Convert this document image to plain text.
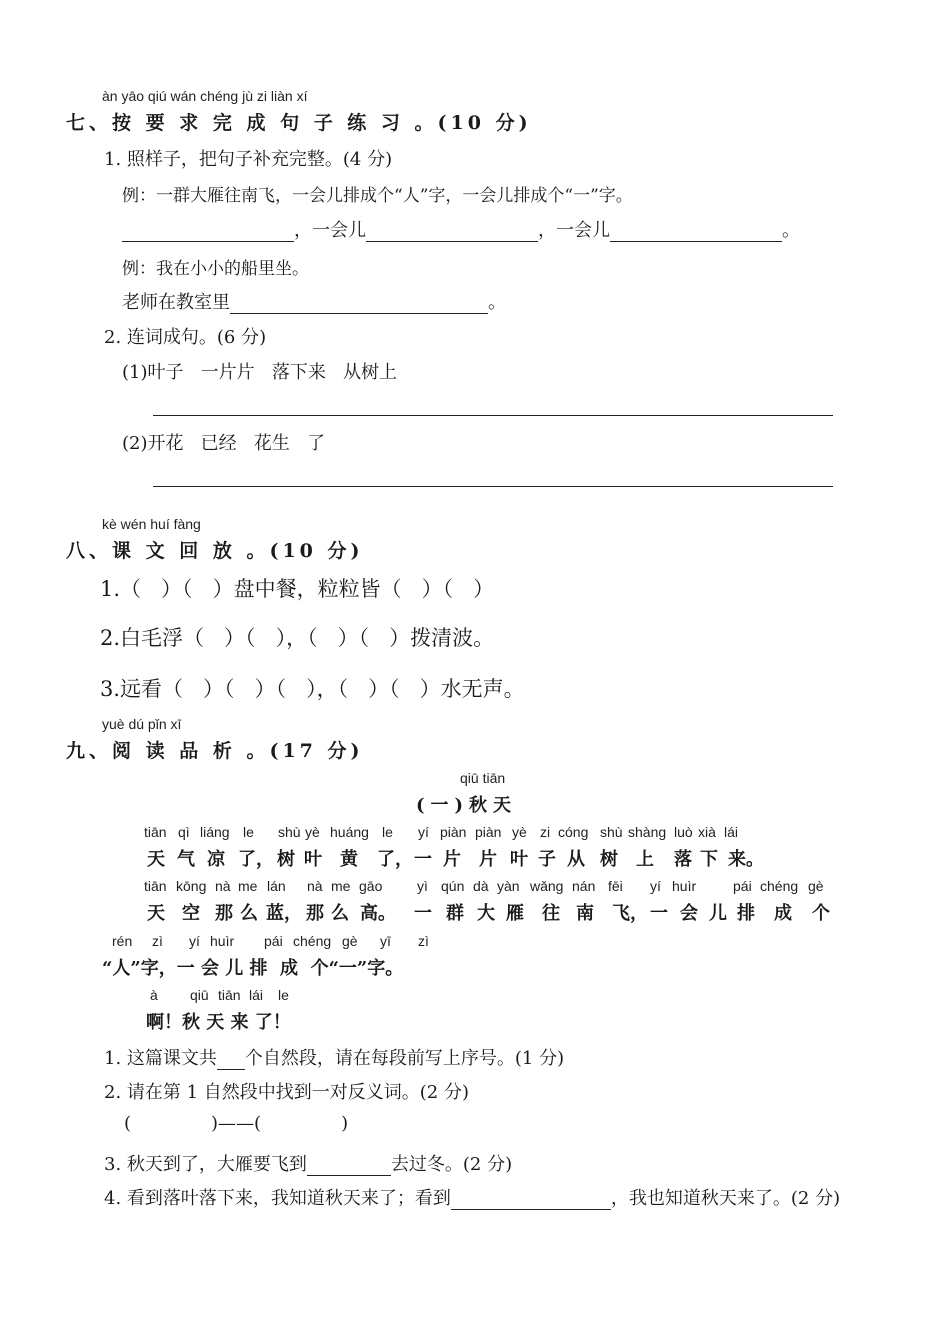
àn yāo qiú wán chéng jù zi liàn xí
七、按 要 求 完 成 句 子 练 习 。(10 分)
1. 照样子，把句子补充完整。(4 分)
例：一群大雁往南飞，一会儿排成个“人”字，一会儿排成个“一”字。
，一会儿	，一会儿	。
例：我在小小的船里坐。
老师在教室里	。
2. 连词成句。(6 分)
(1)叶子   一片片   落下来   从树上
(2)开花   已经   花生   了
kè wén huí fàng
八、课 文 回 放 。(10 分)
1.（   ）（   ）盘中餐，粒粒皆（   ）（   ）
2.白毛浮（   ）（   ），（   ）（   ）拨清波。
3.远看（   ）（   ）（   ），（   ）（   ）水无声。
yuè dú pǐn xī
九、阅 读 品 析 。(17 分)
qiū tiān
(一)秋天
tiān qì liáng le shù yè huáng le yí piàn piàn yè zi cóng shù shàng luò xià lái
天 气 凉 了， 树 叶 黄 了， 一 片 片 叶 子 从 树 上 落 下 来。
tiān kōng nà me lán nà me gāo yì qún dà yàn wǎng nán fēi yí huìr	pái chéng gè
天 空 那 么 蓝， 那 么 高。 一 群 大 雁 往 南 飞， 一 会 儿 排 成 个
rén zì yí huìr pái chéng gè yī zì
“人”字，一 会 儿 排  成  个“一”字。
à qiū tiān lái le
啊！秋 天 来 了！
1. 这篇课文共 个自然段，请在每段前写上序号。(1 分)
2. 请在第 1 自然段中找到一对反义词。(2 分)
(	)——(	)
3. 秋天到了，大雁要飞到	去过冬。(2 分)
4. 看到落叶落下来，我知道秋天来了；看到	，我也知道秋天来了。(2 分)
